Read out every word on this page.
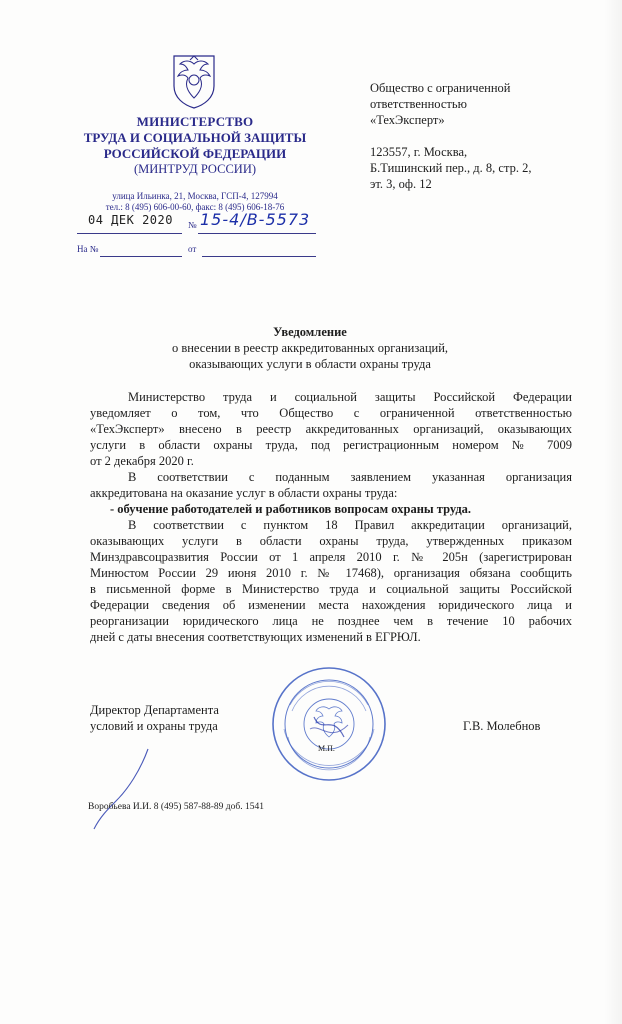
МИНИСТЕРСТВО
ТРУДА И СОЦИАЛЬНОЙ ЗАЩИТЫ
РОССИЙСКОЙ ФЕДЕРАЦИИ
(МИНТРУД РОССИИ)
улица Ильинка, 21, Москва, ГСП-4, 127994
тел.: 8 (495) 606-00-60, факс: 8 (495) 606-18-76
04 ДЕК 2020	№ 15-4/В-5573
На №	от
Общество с ограниченной
ответственностью
«ТехЭксперт»
123557, г. Москва,
Б.Тишинский пер., д. 8, стр. 2,
эт. 3, оф. 12
Уведомление
о внесении в реестр аккредитованных организаций,
оказывающих услуги в области охраны труда
Министерство труда и социальной защиты Российской Федерации
уведомляет о том, что Общество с ограниченной ответственностью
«ТехЭксперт» внесено в реестр аккредитованных организаций, оказывающих
услуги в области охраны труда, под регистрационным номером № 7009
от 2 декабря 2020 г.
В соответствии с поданным заявлением указанная организация
аккредитована на оказание услуг в области охраны труда:
- обучение работодателей и работников вопросам охраны труда.
В соответствии с пунктом 18 Правил аккредитации организаций,
оказывающих услуги в области охраны труда, утвержденных приказом
Минздравсоцразвития России от 1 апреля 2010 г. № 205н (зарегистрирован
Минюстом России 29 июня 2010 г. № 17468), организация обязана сообщить
в письменной форме в Министерство труда и социальной защиты Российской
Федерации сведения об изменении места нахождения юридического лица и
реорганизации юридического лица не позднее чем в течение 10 рабочих
дней с даты внесения соответствующих изменений в ЕГРЮЛ.
М.П.
Директор Департамента
условий и охраны труда	Г.В. Молебнов
Воробьева И.И. 8 (495) 587-88-89 доб. 1541
